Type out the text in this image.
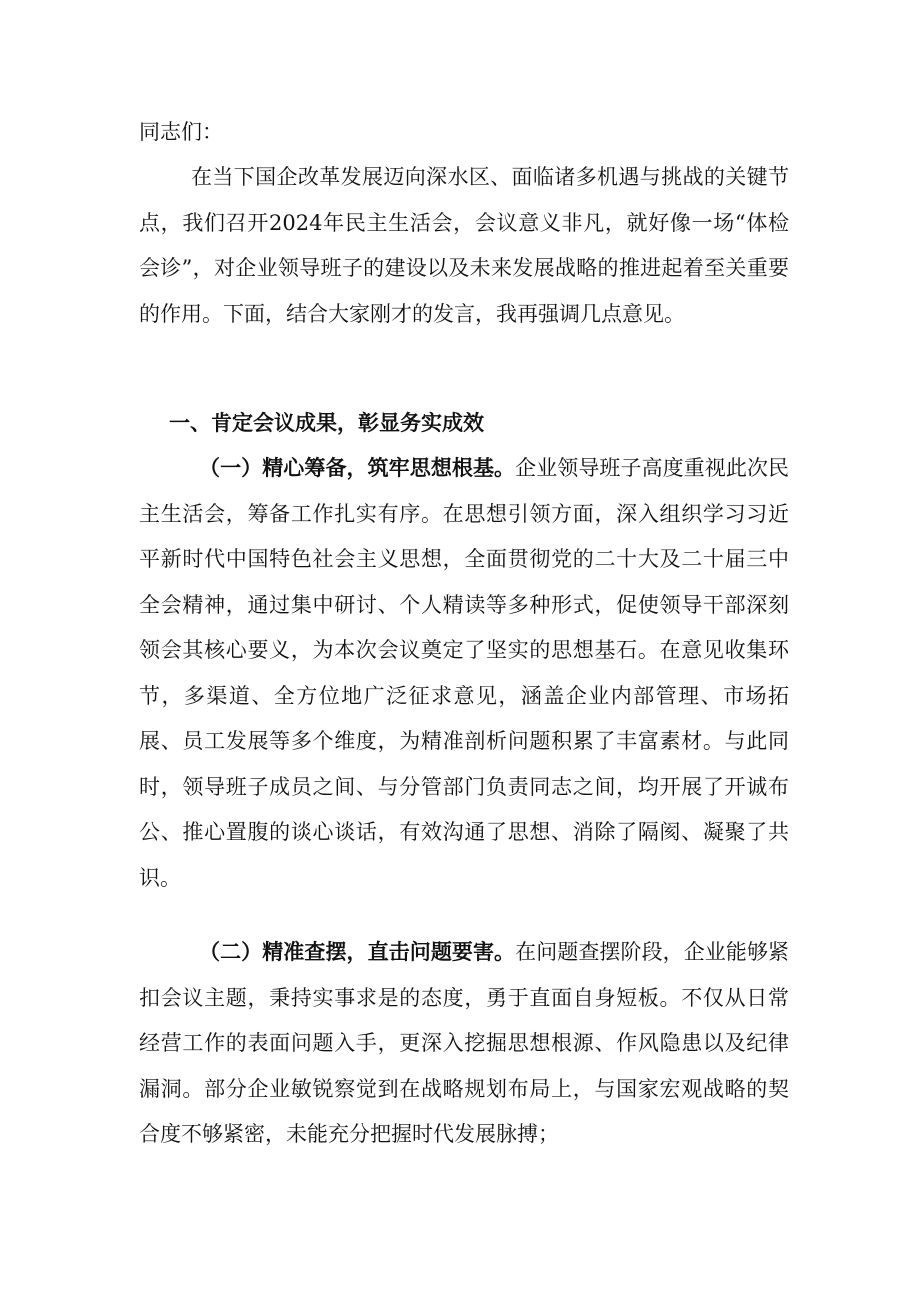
同志们：

在当下国企改革发展迈向深水区、面临诸多机遇与挑战的关键节点，我们召开2024年民主生活会，会议意义非凡，就好像一场“体检会诊”，对企业领导班子的建设以及未来发展战略的推进起着至关重要的作用。下面，结合大家刚才的发言，我再强调几点意见。

一、肯定会议成果，彰显务实成效

（一）精心筹备，筑牢思想根基。企业领导班子高度重视此次民主生活会，筹备工作扎实有序。在思想引领方面，深入组织学习习近平新时代中国特色社会主义思想，全面贯彻党的二十大及二十届三中全会精神，通过集中研讨、个人精读等多种形式，促使领导干部深刻领会其核心要义，为本次会议奠定了坚实的思想基石。在意见收集环节，多渠道、全方位地广泛征求意见，涵盖企业内部管理、市场拓展、员工发展等多个维度，为精准剖析问题积累了丰富素材。与此同时，领导班子成员之间、与分管部门负责同志之间，均开展了开诚布公、推心置腹的谈心谈话，有效沟通了思想、消除了隔阂、凝聚了共识。

（二）精准查摆，直击问题要害。在问题查摆阶段，企业能够紧扣会议主题，秉持实事求是的态度，勇于直面自身短板。不仅从日常经营工作的表面问题入手，更深入挖掘思想根源、作风隐患以及纪律漏洞。部分企业敏锐察觉到在战略规划布局上，与国家宏观战略的契合度不够紧密，未能充分把握时代发展脉搏；
